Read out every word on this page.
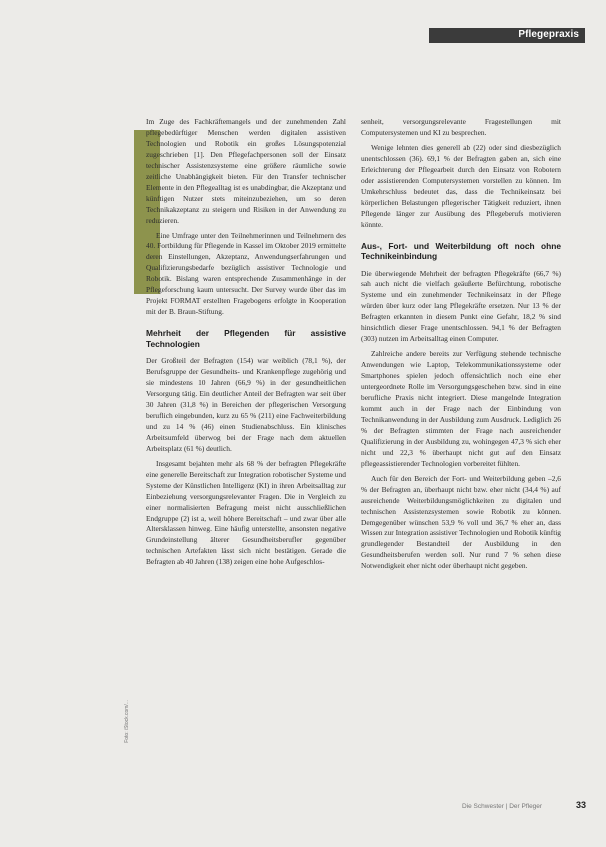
Pflegepraxis
Foto: iStock.com/...

Im Zuge des Fachkräftemangels und der zunehmenden Zahl pflegebedürftiger Menschen werden digitalen assistiven Technologien und Robotik ein großes Lösungspotenzial zugeschrieben [1]. Den Pflegefachpersonen soll der Einsatz technischer Assistenzsysteme eine größere räumliche sowie zeitliche Unabhängigkeit bieten. Für den Transfer technischer Elemente in den Pflegealltag ist es unabdingbar, die Akzeptanz und künftigen Nutzer stets miteinzubeziehen, um so deren Technikakzeptanz zu steigern und Risiken in der Anwendung zu reduzieren.

Eine Umfrage unter den Teilnehmerinnen und Teilnehmern des 40. Fortbildung für Pflegende in Kassel im Oktober 2019 ermittelte deren Einstellungen, Akzeptanz, Anwendungserfahrungen und Qualifizierungsbedarfe bezüglich assistiver Technologie und Robotik. Bislang waren entsprechende Zusammenhänge in der Pflegeforschung kaum untersucht. Der Survey wurde über das im Projekt FORMAT erstellten Fragebogens erfolgte in Kooperation mit der B. Braun-Stiftung.

Mehrheit der Pflegenden für assistive Technologien

Der Großteil der Befragten (154) war weiblich (78,1 %), der Berufsgruppe der Gesundheits- und Krankenpflege zugehörig und sie mindestens 10 Jahren (66,9 %) in der gesundheitlichen Versorgung tätig. Ein deutlicher Anteil der Befragten war seit über 30 Jahren (31,8 %) in Bereichen der pflegerischen Versorgung beruflich eingebunden, kurz zu 65 % (211) eine Fachweiterbildung und zu 14 % (46) einen Studienabschluss. Ein klinisches Arbeitsumfeld überwog bei der Frage nach dem aktuellen Arbeitsplatz (61 %) deutlich.

Insgesamt bejahten mehr als 68 % der befragten Pflegekräfte eine generelle Bereitschaft zur Integration robotischer Systeme und Systeme der Künstlichen Intelligenz (KI) in ihren Arbeitsalltag zur Einbeziehung versorgungsrelevanter Fragen. Die in Vergleich zu einer normalisierten Befragung meist nicht ausschließlichen Endgruppe (2) ist a, weil höhere Bereitschaft – und zwar über alle Altersklassen hinweg. Eine häufig unterstellte, ansonsten negative Grundeinstellung älterer Gesundheitsberufler gegenüber technischen Artefakten lässt sich nicht bestätigen. Gerade die Befragten ab 40 Jahren (138) zeigen eine hohe Aufgeschlos-

senheit, versorgungsrelevante Fragestellungen mit Computersystemen und KI zu besprechen.

Wenige lehnten dies generell ab (22) oder sind diesbezüglich unentschlossen (36). 69,1 % der Befragten gaben an, sich eine Erleichterung der Pflegearbeit durch den Einsatz von Robotern oder assistierenden Computersystemen vorstellen zu können. Im Umkehrschluss bedeutet das, dass die Technikeinsatz bei körperlichen Belastungen pflegerischer Tätigkeit reduziert, ihnen Pflegende länger zur Ausübung des Pflegeberufs motivieren könnte.

Aus-, Fort- und Weiterbildung oft noch ohne Technikeinbindung

Die überwiegende Mehrheit der befragten Pflegekräfte (66,7 %) sah auch nicht die vielfach geäußerte Befürchtung, robotische Systeme und ein zunehmender Technikeinsatz in der Pflege würden über kurz oder lang Pflegekräfte ersetzen. Nur 13 % der Befragten erkannten in diesem Punkt eine Gefahr, 18,2 % sind hinsichtlich dieser Frage unentschlossen. 94,1 % der Befragten (303) nutzen im Arbeitsalltag einen Computer.

Zahlreiche andere bereits zur Verfügung stehende technische Anwendungen wie Laptop, Telekommunikationssysteme oder Smartphones spielen jedoch offensichtlich noch eine eher untergeordnete Rolle im Versorgungsgeschehen bzw. sind in eine berufliche Praxis nicht integriert. Diese mangelnde Integration kommt auch in der Frage nach der Einbindung von Technikanwendung in der Ausbildung zum Ausdruck. Lediglich 26 % der Befragten stimmten der Frage nach ausreichender Qualifizierung in der Ausbildung zu, wohingegen 47,3 % sich eher nicht und 22,3 % überhaupt nicht gut auf den Einsatz pflegeassistierender Technologien vorbereitet fühlten.

Auch für den Bereich der Fort- und Weiterbildung geben –2,6 % der Befragten an, überhaupt nicht bzw. eher nicht (34,4 %) auf ausreichende Weiterbildungsmöglichkeiten zu digitalen und technischen Assistenzsystemen sowie Robotik zu können. Demgegenüber wünschen 53,9 % voll und 36,7 % eher an, dass Wissen zur Integration assistiver Technologien und Robotik künftig grundlegender Bestandteil der Ausbildung in den Gesundheitsberufen werden soll. Nur rund 7 % sehen diese Notwendigkeit eher nicht oder überhaupt nicht gegeben.

Die Schwester | Der Pfleger	33
